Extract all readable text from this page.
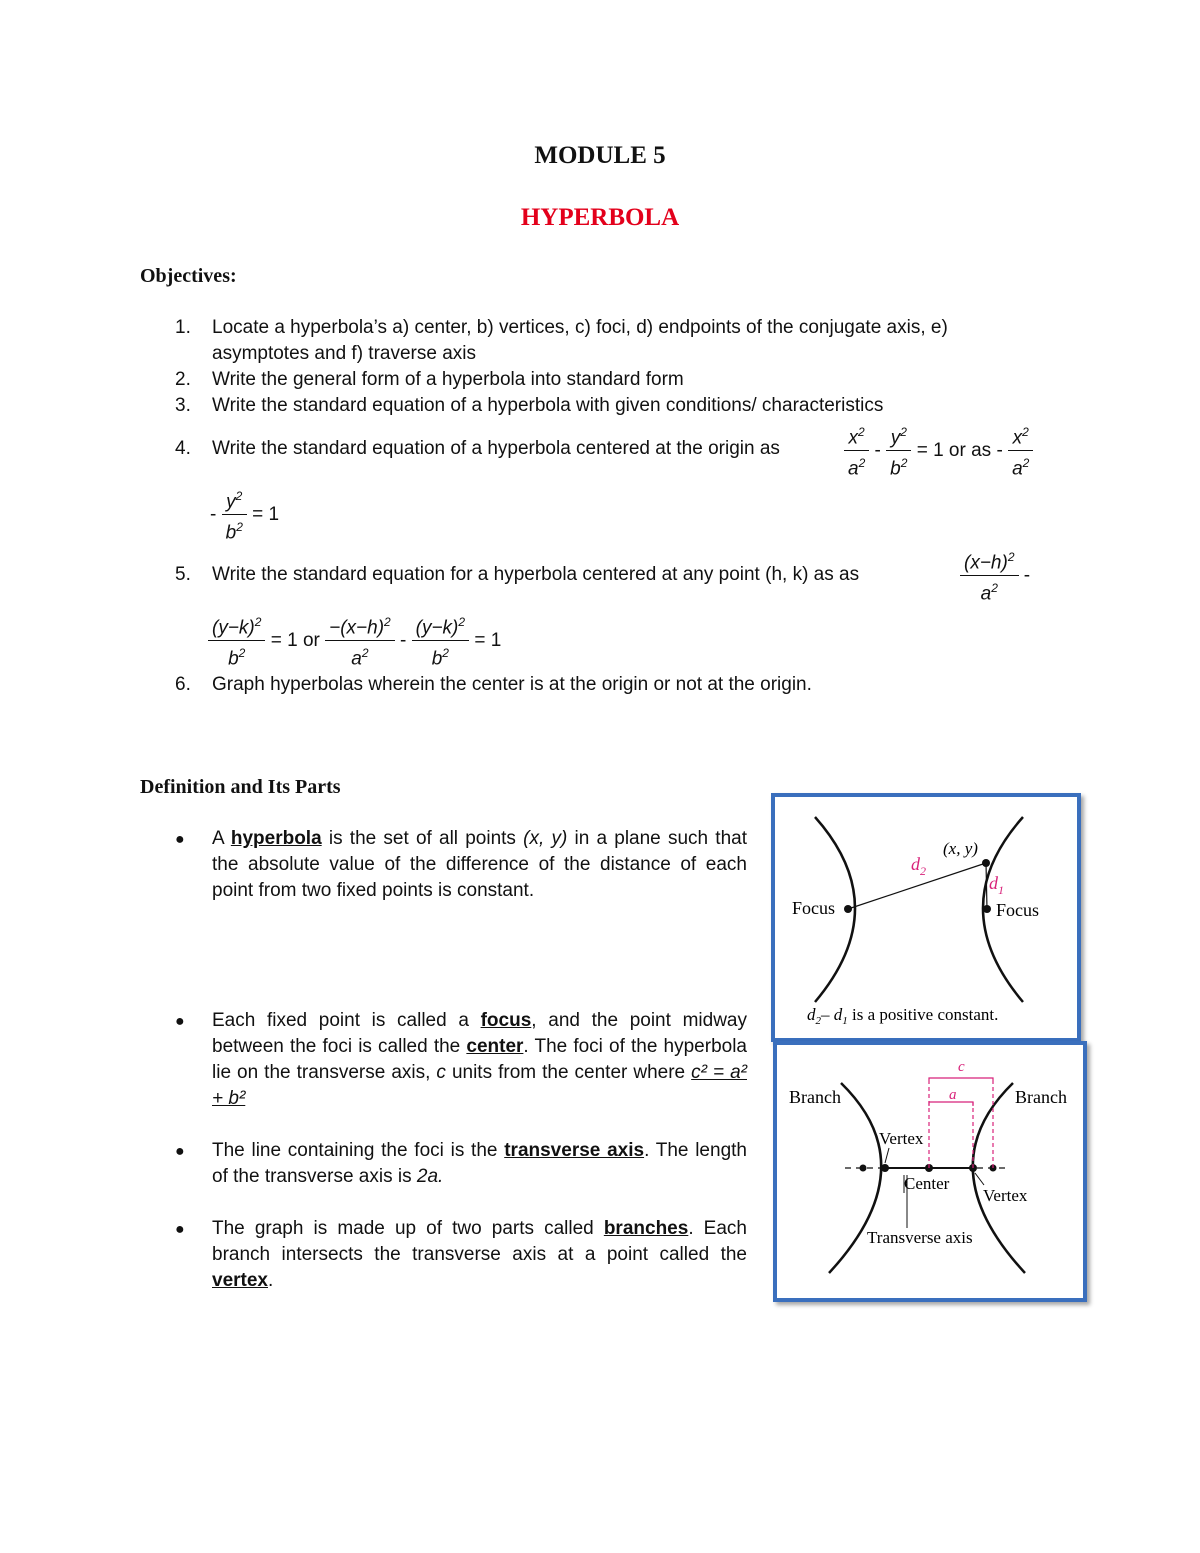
MODULE 5
HYPERBOLA
Objectives:
1. Locate a hyperbola’s a) center, b) vertices, c) foci, d) endpoints of the conjugate axis, e)
asymptotes and f) traverse axis
2. Write the general form of a hyperbola into standard form
3. Write the standard equation of a hyperbola with given conditions/ characteristics
4. Write the standard equation of a hyperbola centered at the origin as	$\frac{x^2}{a^2} - \frac{y^2}{b^2} = 1$ or as - $\frac{x^2}{a^2}$
- $\frac{y^2}{b^2} = 1$
5. Write the standard equation for a hyperbola centered at any point (h, k) as as	$\frac{(x-h)^2}{a^2}$ -
$\frac{(y-k)^2}{b^2} = 1$ or $\frac{-(x-h)^2}{a^2} - \frac{(y-k)^2}{b^2} = 1$
6. Graph hyperbolas wherein the center is at the origin or not at the origin.
Definition and Its Parts
● A hyperbola is the set of all points (x, y) in a plane such that the absolute value of the difference of the distance of each point from two fixed points is constant.
● Each fixed point is called a focus, and the point midway between the foci is called the center. The foci of the hyperbola lie on the transverse axis, c units from the center where c² = a² + b²
● The line containing the foci is the transverse axis. The length of the transverse axis is 2a.
● The graph is made up of two parts called branches. Each branch intersects the transverse axis at a point called the vertex.
(x, y)
$d_2$
$d_1$
Focus	Focus
$d_2-$ $d_1$ is a positive constant.
c
a
Branch	Branch
Vertex
Center
Vertex
Transverse axis
